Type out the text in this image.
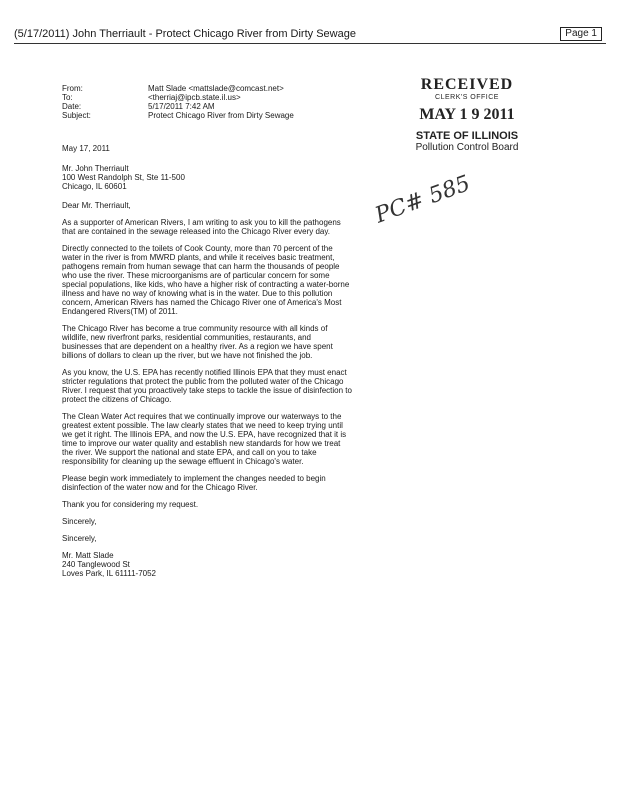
(5/17/2011) John Therriault - Protect Chicago River from Dirty Sewage	Page 1
From:	Matt Slade <mattslade@comcast.net>
To:	<therriaj@ipcb.state.il.us>
Date:	5/17/2011 7:42 AM
Subject:	Protect Chicago River from Dirty Sewage
RECEIVED
CLERK'S OFFICE
MAY 1 9 2011
STATE OF ILLINOIS
Pollution Control Board
PC# 585
May 17, 2011
Mr. John Therriault
100 West Randolph St, Ste 11-500
Chicago, IL 60601

Dear Mr. Therriault,

As a supporter of American Rivers, I am writing to ask you to kill the pathogens that are contained in the sewage released into the Chicago River every day.

Directly connected to the toilets of Cook County, more than 70 percent of the water in the river is from MWRD plants, and while it receives basic treatment, pathogens remain from human sewage that can harm the thousands of people who use the river. These microorganisms are of particular concern for some special populations, like kids, who have a higher risk of contracting a water-borne illness and have no way of knowing what is in the water. Due to this pollution concern, American Rivers has named the Chicago River one of America's Most Endangered Rivers(TM) of 2011.

The Chicago River has become a true community resource with all kinds of wildlife, new riverfront parks, residential communities, restaurants, and businesses that are dependent on a healthy river. As a region we have spent billions of dollars to clean up the river, but we have not finished the job.

As you know, the U.S. EPA has recently notified Illinois EPA that they must enact stricter regulations that protect the public from the polluted water of the Chicago River. I request that you proactively take steps to tackle the issue of disinfection to protect the citizens of Chicago.

The Clean Water Act requires that we continually improve our waterways to the greatest extent possible. The law clearly states that we need to keep trying until we get it right. The Illinois EPA, and now the U.S. EPA, have recognized that it is time to improve our water quality and establish new standards for how we treat the river. We support the national and state EPA, and call on you to take responsibility for cleaning up the sewage effluent in Chicago's water.

Please begin work immediately to implement the changes needed to begin disinfection of the water now and for the Chicago River.

Thank you for considering my request.

Sincerely,
Sincerely,
Mr. Matt Slade
240 Tanglewood St
Loves Park, IL 61111-7052
